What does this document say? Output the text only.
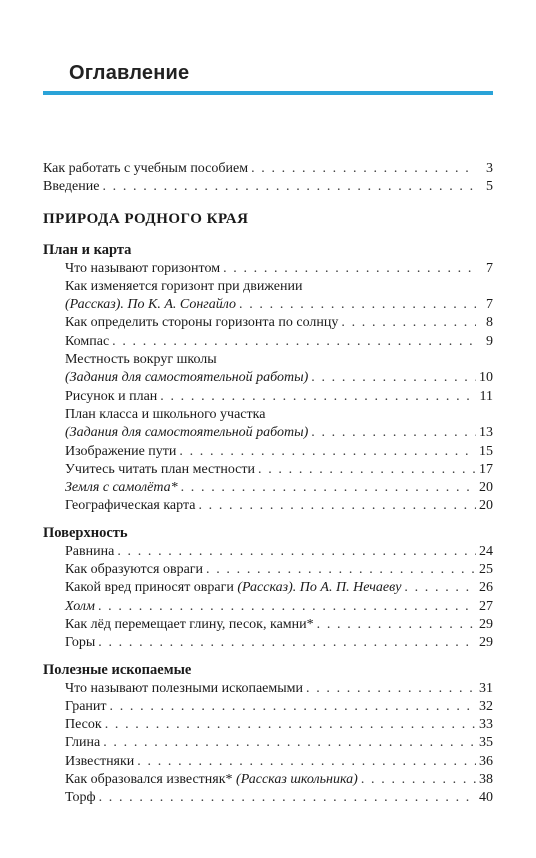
Оглавление
Как работать с учебным пособием . . .	3
Введение . . .	5
ПРИРОДА РОДНОГО КРАЯ
План и карта
Что называют горизонтом . . .	7
Как изменяется горизонт при движении
(Рассказ). По К. А. Сонгайло . . .	7
Как определить стороны горизонта по солнцу . . .	8
Компас . . .	9
Местность вокруг школы
(Задания для самостоятельной работы) . . .	10
Рисунок и план . . .	11
План класса и школьного участка
(Задания для самостоятельной работы) . . .	13
Изображение пути . . .	15
Учитесь читать план местности . . .	17
Земля с самолёта* . . .	20
Географическая карта . . .	20
Поверхность
Равнина . . .	24
Как образуются овраги . . .	25
Какой вред приносят овраги (Рассказ). По А. П. Нечаеву . . .	26
Холм . . .	27
Как лёд перемещает глину, песок, камни* . . .	29
Горы . . .	29
Полезные ископаемые
Что называют полезными ископаемыми . . .	31
Гранит . . .	32
Песок . . .	33
Глина . . .	35
Известняки . . .	36
Как образовался известняк* (Рассказ школьника) . . .	38
Торф . . .	40
